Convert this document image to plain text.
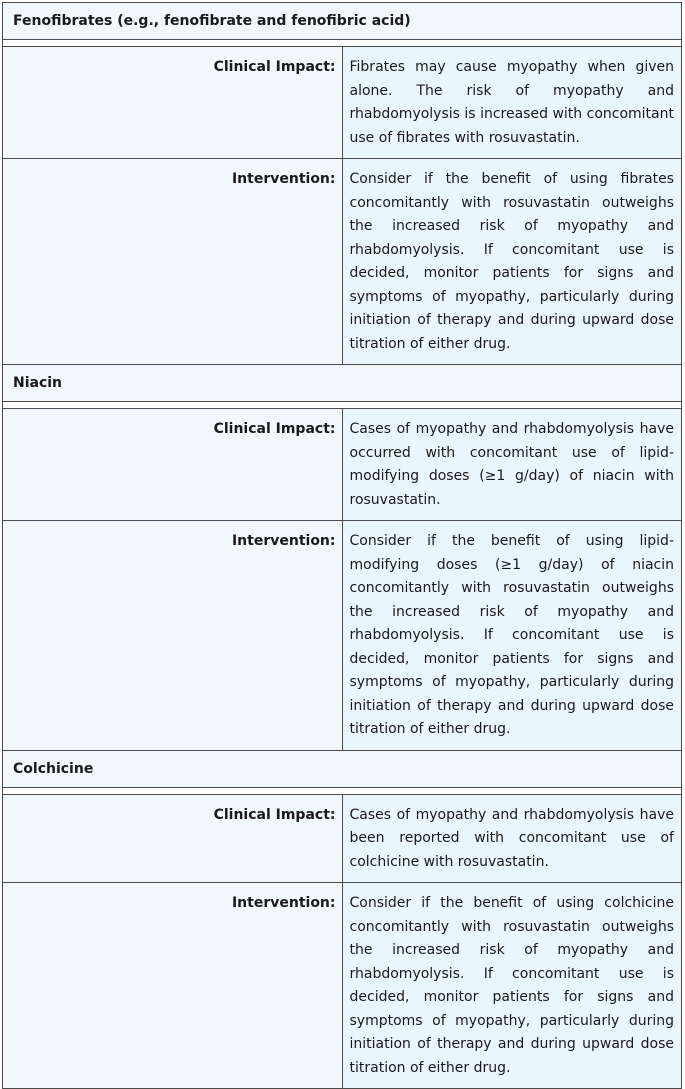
Fenofibrates (e.g., fenofibrate and fenofibric acid)	

Clinical Impact:	Fibrates may cause myopathy when given alone. The risk of myopathy and rhabdomyolysis is increased with concomitant use of fibrates with rosuvastatin.
Intervention:	Consider if the benefit of using fibrates concomitantly with rosuvastatin outweighs the increased risk of myopathy and rhabdomyolysis. If concomitant use is decided, monitor patients for signs and symptoms of myopathy, particularly during initiation of therapy and during upward dose titration of either drug.
Niacin	

Clinical Impact:	Cases of myopathy and rhabdomyolysis have occurred with concomitant use of lipid-modifying doses (≥1 g/day) of niacin with rosuvastatin.
Intervention:	Consider if the benefit of using lipid-modifying doses (≥1 g/day) of niacin concomitantly with rosuvastatin outweighs the increased risk of myopathy and rhabdomyolysis. If concomitant use is decided, monitor patients for signs and symptoms of myopathy, particularly during initiation of therapy and during upward dose titration of either drug.
Colchicine	

Clinical Impact:	Cases of myopathy and rhabdomyolysis have been reported with concomitant use of colchicine with rosuvastatin.
Intervention:	Consider if the benefit of using colchicine concomitantly with rosuvastatin outweighs the increased risk of myopathy and rhabdomyolysis. If concomitant use is decided, monitor patients for signs and symptoms of myopathy, particularly during initiation of therapy and during upward dose titration of either drug.
